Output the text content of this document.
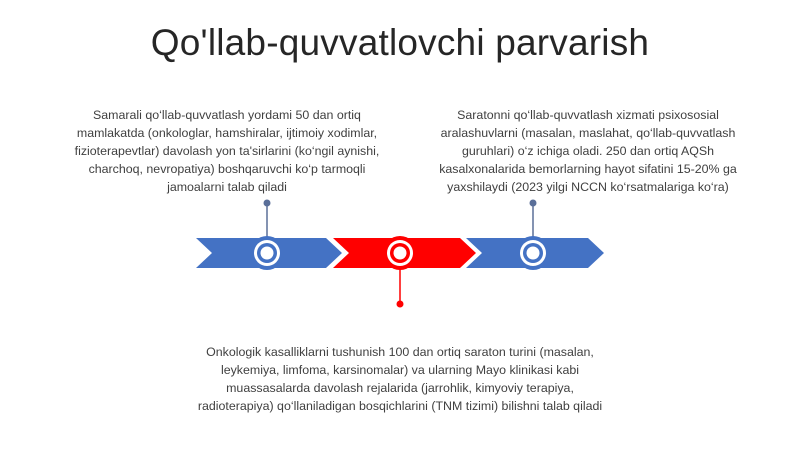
Qo'llab-quvvatlovchi parvarish
Samarali qo‘llab-quvvatlash yordami 50 dan ortiq
mamlakatda (onkologlar, hamshiralar, ijtimoiy xodimlar,
fizioterapevtlar) davolash yon ta'sirlarini (ko‘ngil aynishi,
charchoq, nevropatiya) boshqaruvchi ko‘p tarmoqli
jamoalarni talab qiladi
Saratonni qo‘llab-quvvatlash xizmati psixososial
aralashuvlarni (masalan, maslahat, qo‘llab-quvvatlash
guruhlari) o‘z ichiga oladi. 250 dan ortiq AQSh
kasalxonalarida bemorlarning hayot sifatini 15-20% ga
yaxshilaydi (2023 yilgi NCCN ko‘rsatmalariga ko‘ra)
Onkologik kasalliklarni tushunish 100 dan ortiq saraton turini (masalan,
leykemiya, limfoma, karsinomalar) va ularning Mayo klinikasi kabi
muassasalarda davolash rejalarida (jarrohlik, kimyoviy terapiya,
radioterapiya) qo‘llaniladigan bosqichlarini (TNM tizimi) bilishni talab qiladi
